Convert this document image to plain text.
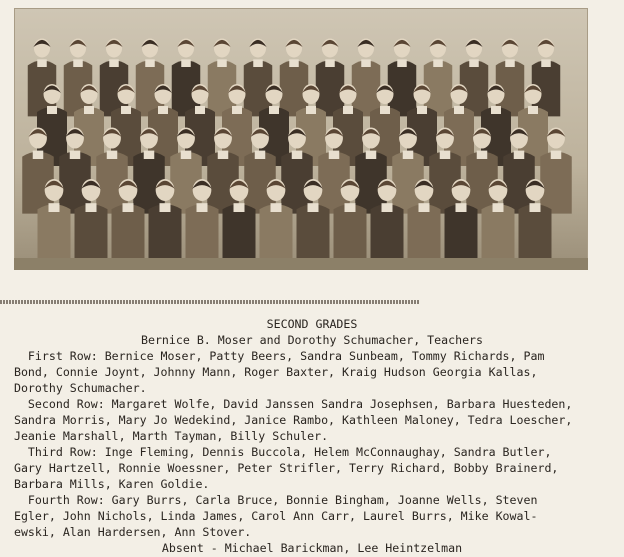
SECOND GRADES
Bernice B. Moser and Dorothy Schumacher, Teachers
First Row: Bernice Moser, Patty Beers, Sandra Sunbeam, Tommy Richards, Pam
Bond, Connie Joynt, Johnny Mann, Roger Baxter, Kraig Hudson Georgia Kallas,
Dorothy Schumacher.
Second Row: Margaret Wolfe, David Janssen Sandra Josephsen, Barbara Huesteden,
Sandra Morris, Mary Jo Wedekind, Janice Rambo, Kathleen Maloney, Tedra Loescher,
Jeanie Marshall, Marth Tayman, Billy Schuler.
Third Row: Inge Fleming, Dennis Buccola, Helem McConnaughay, Sandra Butler,
Gary Hartzell, Ronnie Woessner, Peter Strifler, Terry Richard, Bobby Brainerd,
Barbara Mills, Karen Goldie.
Fourth Row: Gary Burrs, Carla Bruce, Bonnie Bingham, Joanne Wells, Steven
Egler, John Nichols, Linda James, Carol Ann Carr, Laurel Burrs, Mike Kowal-
ewski, Alan Hardersen, Ann Stover.
Absent - Michael Barickman, Lee Heintzelman
